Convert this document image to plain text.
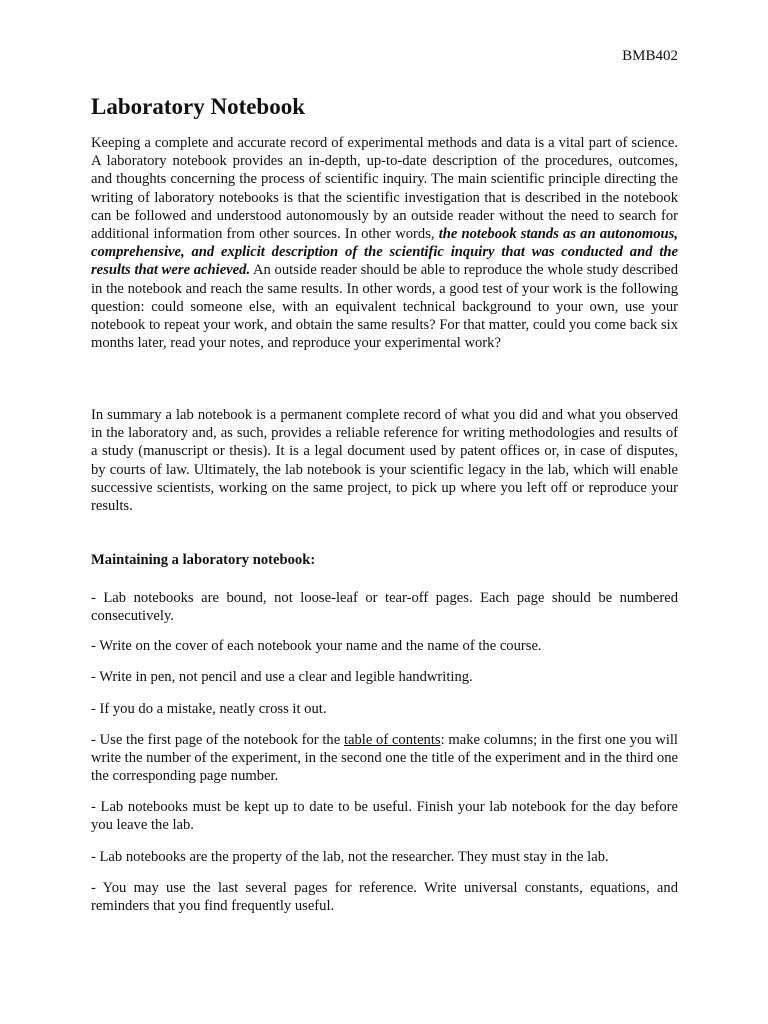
BMB402
Laboratory Notebook

Keeping a complete and accurate record of experimental methods and data is a vital part of science. A laboratory notebook provides an in-depth, up-to-date description of the procedures, outcomes, and thoughts concerning the process of scientific inquiry. The main scientific principle directing the writing of laboratory notebooks is that the scientific investigation that is described in the notebook can be followed and understood autonomously by an outside reader without the need to search for additional information from other sources. In other words, the notebook stands as an autonomous, comprehensive, and explicit description of the scientific inquiry that was conducted and the results that were achieved. An outside reader should be able to reproduce the whole study described in the notebook and reach the same results. In other words, a good test of your work is the following question: could someone else, with an equivalent technical background to your own, use your notebook to repeat your work, and obtain the same results? For that matter, could you come back six months later, read your notes, and reproduce your experimental work?

In summary a lab notebook is a permanent complete record of what you did and what you observed in the laboratory and, as such, provides a reliable reference for writing methodologies and results of a study (manuscript or thesis). It is a legal document used by patent offices or, in case of disputes, by courts of law. Ultimately, the lab notebook is your scientific legacy in the lab, which will enable successive scientists, working on the same project, to pick up where you left off or reproduce your results.

Maintaining a laboratory notebook:

- Lab notebooks are bound, not loose-leaf or tear-off pages. Each page should be numbered consecutively.

- Write on the cover of each notebook your name and the name of the course.

- Write in pen, not pencil and use a clear and legible handwriting.

- If you do a mistake, neatly cross it out.

- Use the first page of the notebook for the table of contents: make columns; in the first one you will write the number of the experiment, in the second one the title of the experiment and in the third one the corresponding page number.

- Lab notebooks must be kept up to date to be useful. Finish your lab notebook for the day before you leave the lab.

- Lab notebooks are the property of the lab, not the researcher. They must stay in the lab.

- You may use the last several pages for reference. Write universal constants, equations, and reminders that you find frequently useful.
